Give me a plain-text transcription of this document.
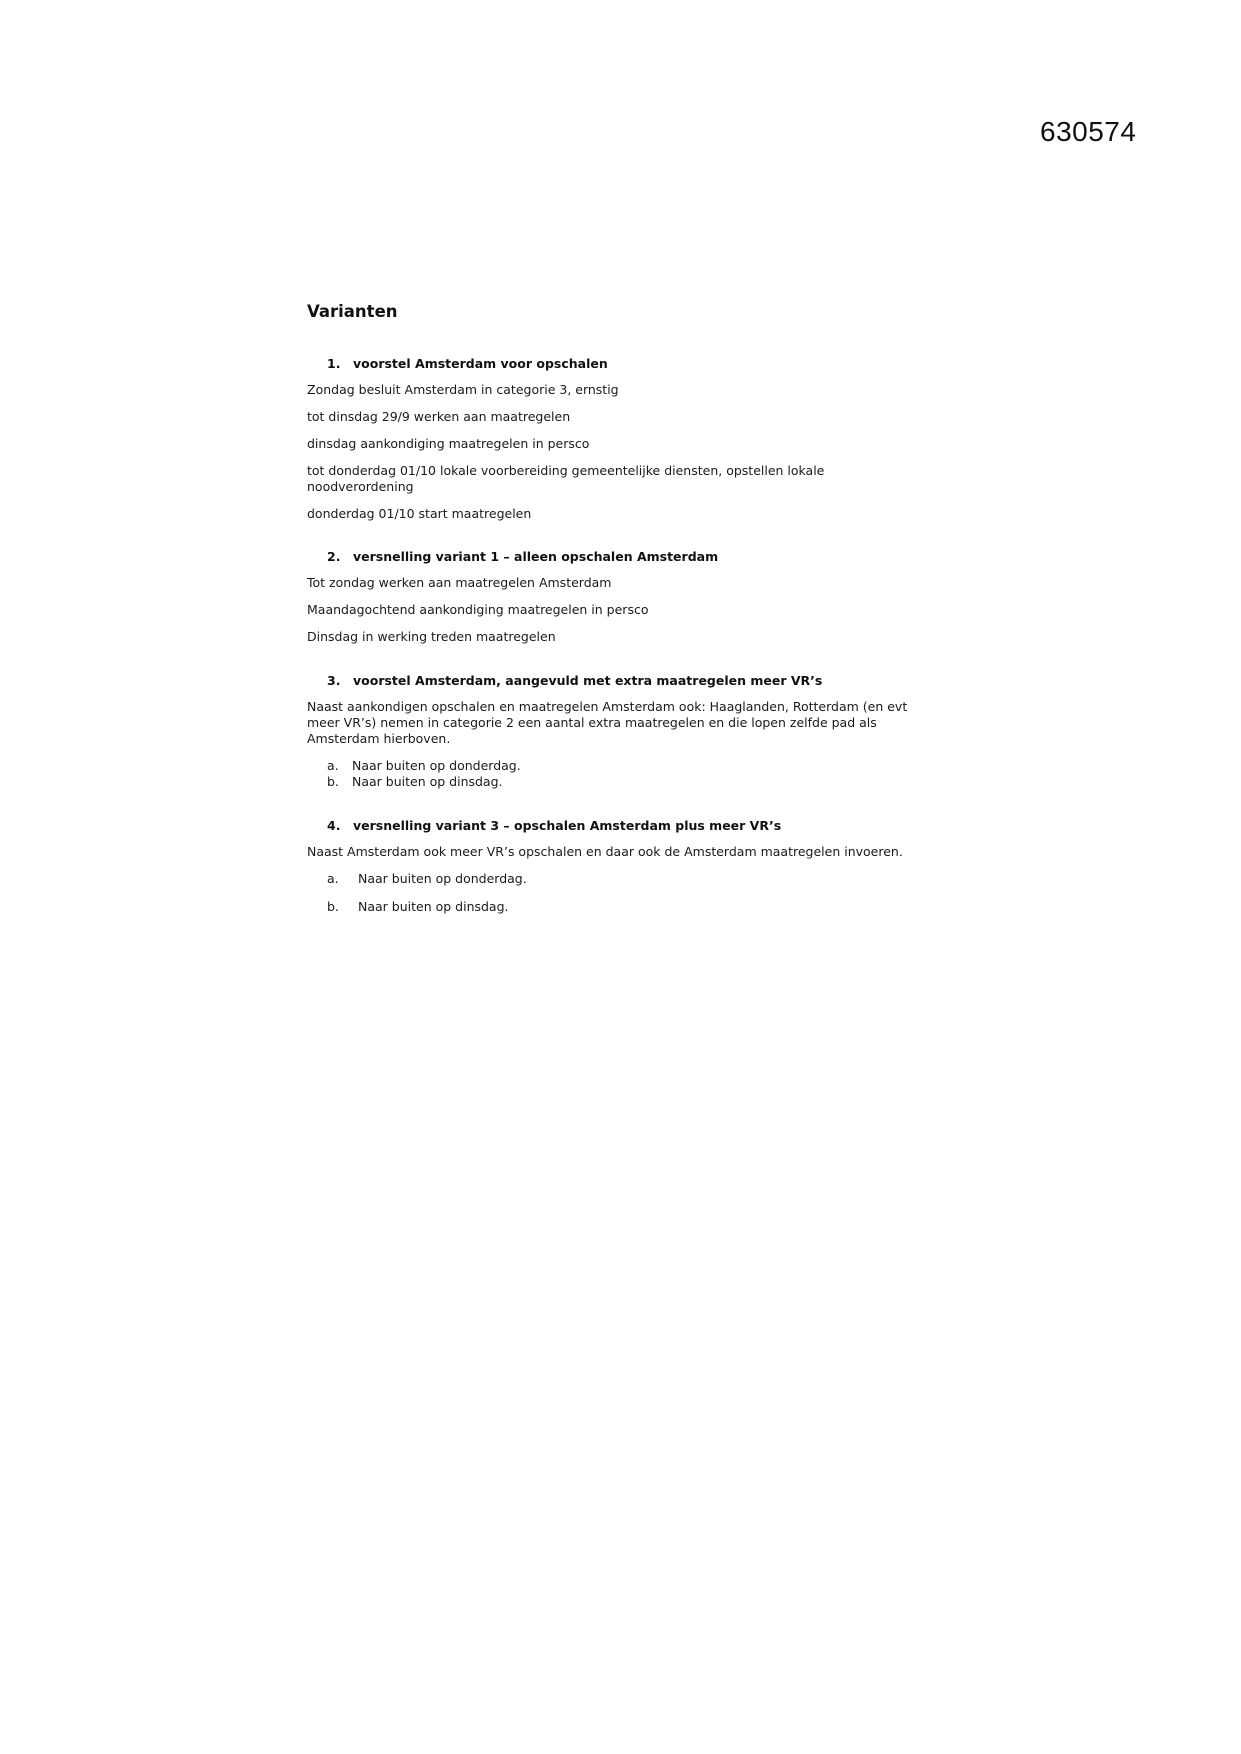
630574
Varianten
1.	voorstel Amsterdam voor opschalen

Zondag besluit Amsterdam in categorie 3, ernstig

tot dinsdag 29/9 werken aan maatregelen

dinsdag aankondiging maatregelen in persco

tot donderdag 01/10 lokale voorbereiding gemeentelijke diensten, opstellen lokale noodverordening

donderdag 01/10 start maatregelen

2.	versnelling variant 1 – alleen opschalen Amsterdam

Tot zondag werken aan maatregelen Amsterdam

Maandagochtend aankondiging maatregelen in persco

Dinsdag in werking treden maatregelen

3.	voorstel Amsterdam, aangevuld met extra maatregelen meer VR’s

Naast aankondigen opschalen en maatregelen Amsterdam ook: Haaglanden, Rotterdam (en evt meer VR’s) nemen in categorie 2 een aantal extra maatregelen en die lopen zelfde pad als Amsterdam hierboven.

a.	Naar buiten op donderdag.
b.	Naar buiten op dinsdag.
4.	versnelling variant 3 – opschalen Amsterdam plus meer VR’s

Naast Amsterdam ook meer VR’s opschalen en daar ook de Amsterdam maatregelen invoeren.

a.	Naar buiten op donderdag.
b.	Naar buiten op dinsdag.
